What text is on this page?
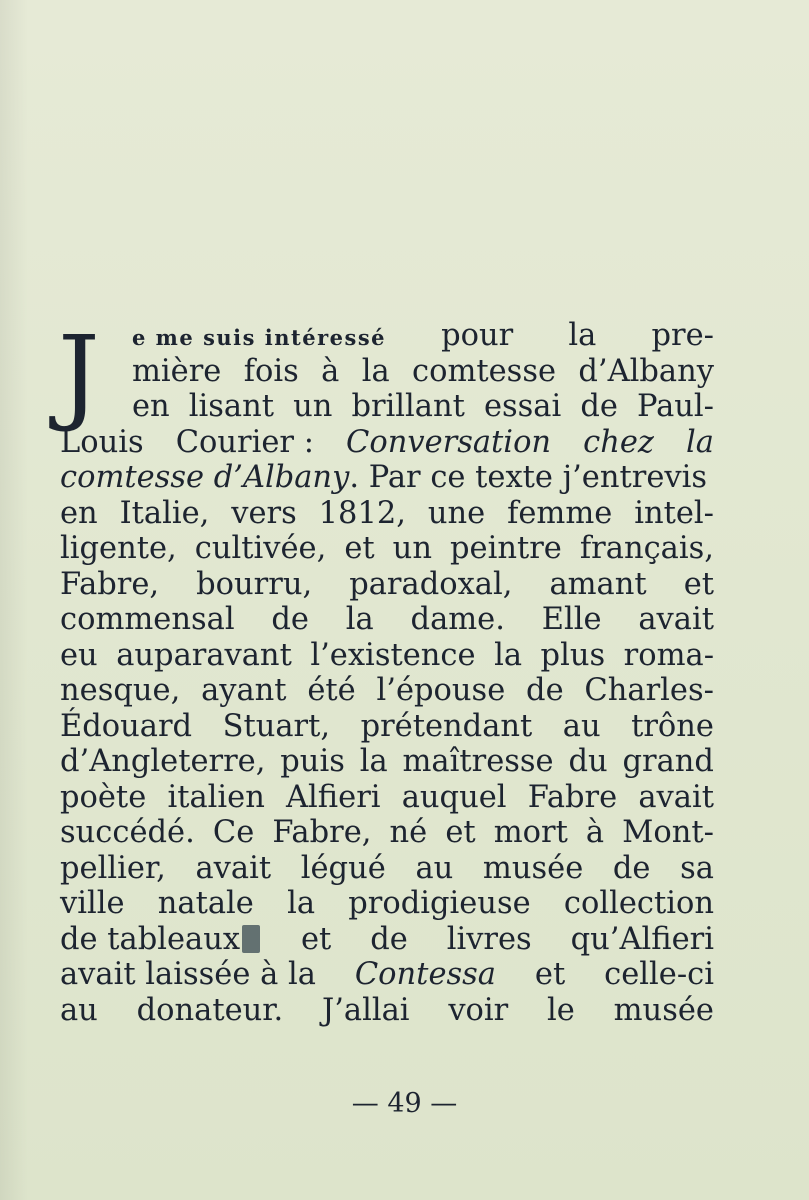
J e me suis intéressé pour la pre-
mière fois à la comtesse d’Albany
en lisant un brillant essai de Paul-
Louis Courier : Conversation chez la
comtesse d’Albany. Par ce texte j’entrevis
en Italie, vers 1812, une femme intel-
ligente, cultivée, et un peintre français,
Fabre, bourru, paradoxal, amant et
commensal de la dame. Elle avait
eu auparavant l’existence la plus roma-
nesque, ayant été l’épouse de Charles-
Édouard Stuart, prétendant au trône
d’Angleterre, puis la maîtresse du grand
poète italien Alfieri auquel Fabre avait
succédé. Ce Fabre, né et mort à Mont-
pellier, avait légué au musée de sa
ville natale la prodigieuse collection
de tableaux	et de livres qu’Alfieri
avait laissée à la Contessa et celle-ci
au donateur. J’allai voir le musée
— 49 —
